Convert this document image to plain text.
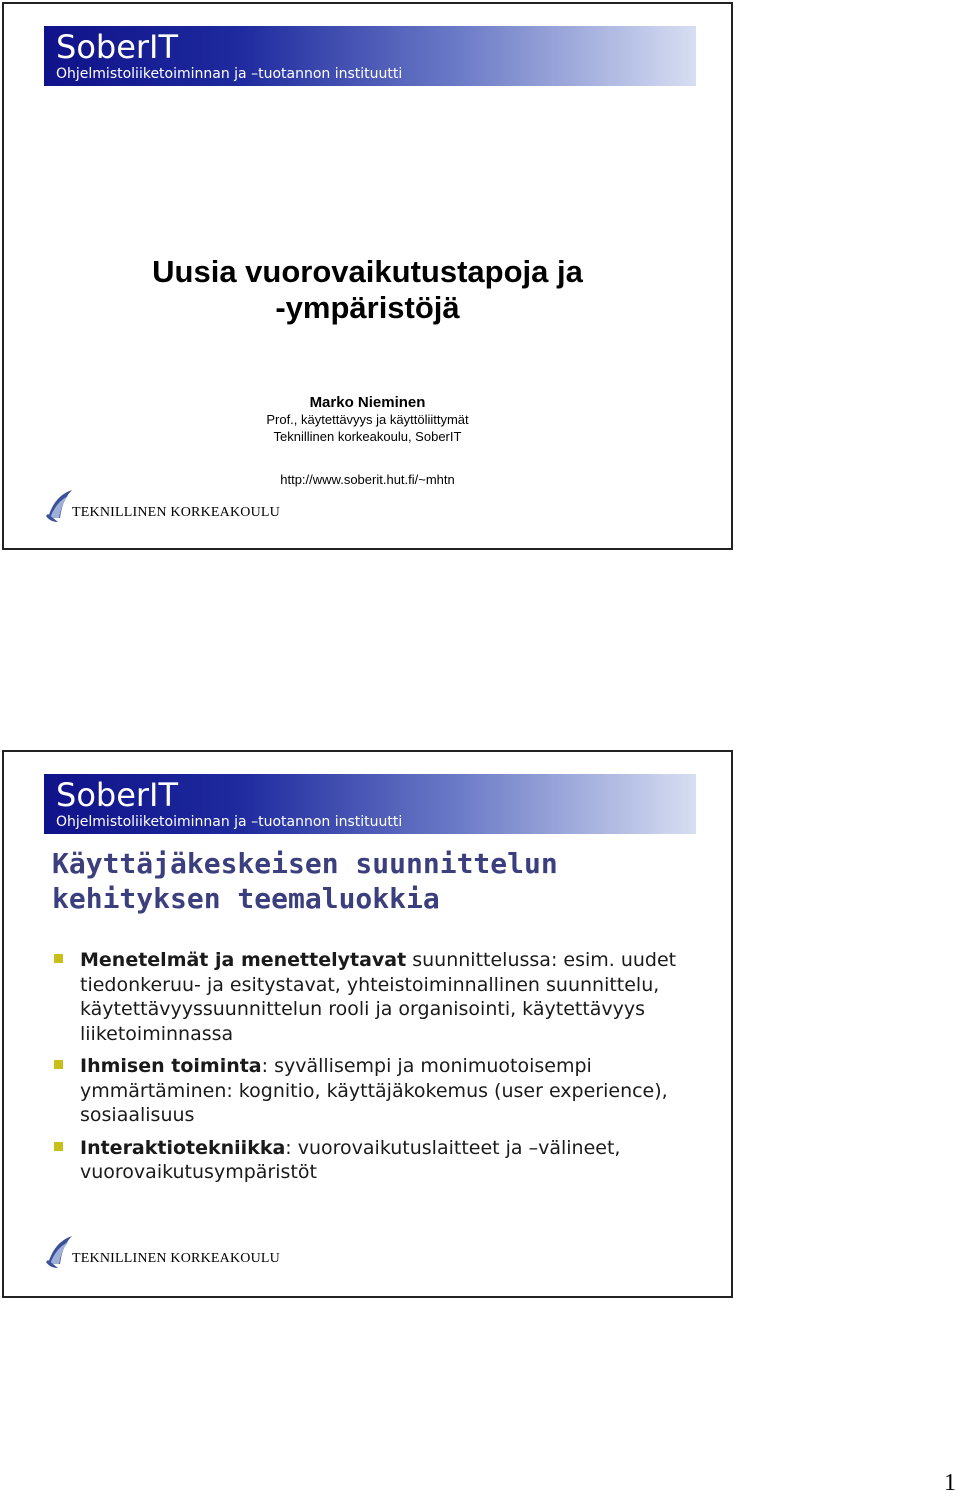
SoberIT
Ohjelmistoliiketoiminnan ja –tuotannon instituutti
Uusia vuorovaikutustapoja ja
-ympäristöjä
Marko Nieminen
Prof., käytettävyys ja käyttöliittymät
Teknillinen korkeakoulu, SoberIT
http://www.soberit.hut.fi/~mhtn
TEKNILLINEN KORKEAKOULU
SoberIT
Ohjelmistoliiketoiminnan ja –tuotannon instituutti
Käyttäjäkeskeisen suunnittelun
kehityksen teemaluokkia
Menetelmät ja menettelytavat suunnittelussa: esim. uudet tiedonkeruu- ja esitystavat, yhteistoiminnallinen suunnittelu, käytettävyyssuunnittelun rooli ja organisointi, käytettävyys liiketoiminnassa
Ihmisen toiminta: syvällisempi ja monimuotoisempi ymmärtäminen: kognitio, käyttäjäkokemus (user experience), sosiaalisuus
Interaktiotekniikka: vuorovaikutuslaitteet ja –välineet, vuorovaikutusympäristöt
TEKNILLINEN KORKEAKOULU
1
